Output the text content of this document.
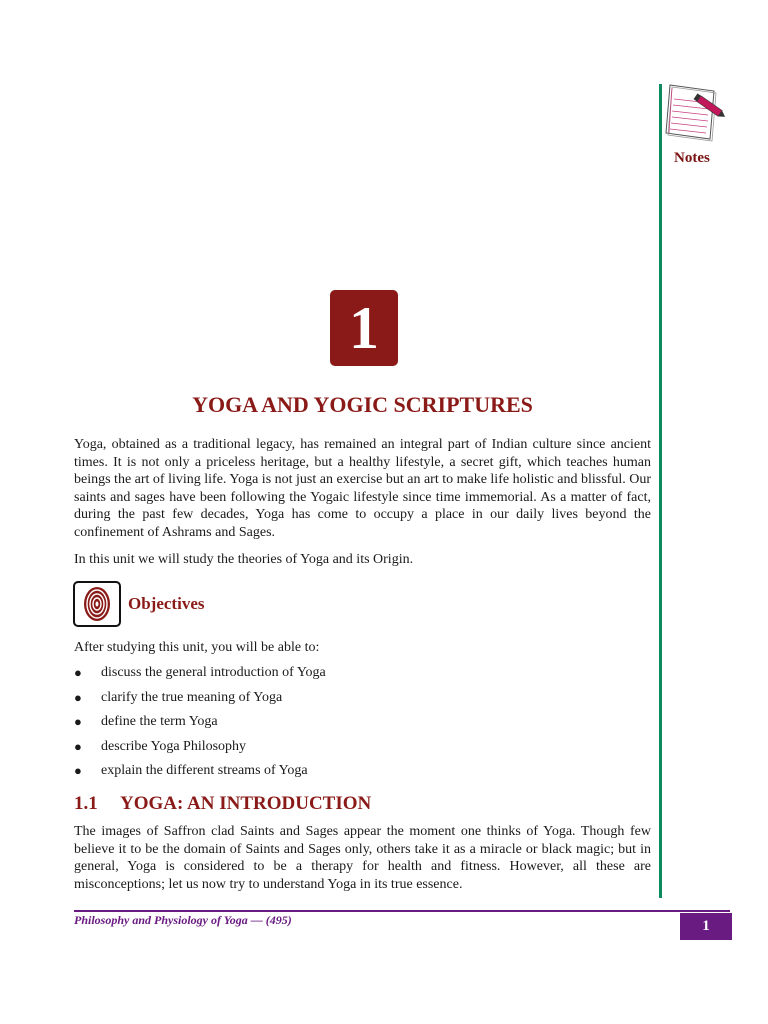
Notes
1
YOGA AND YOGIC SCRIPTURES

Yoga, obtained as a traditional legacy, has remained an integral part of Indian culture since ancient times. It is not only a priceless heritage, but a healthy lifestyle, a secret gift, which teaches human beings the art of living life. Yoga is not just an exercise but an art to make life holistic and blissful. Our saints and sages have been following the Yogaic lifestyle since time immemorial. As a matter of fact, during the past few decades, Yoga has come to occupy a place in our daily lives beyond the confinement of Ashrams and Sages.

In this unit we will study the theories of Yoga and its Origin.

Objectives
After studying this unit, you will be able to:
● discuss the general introduction of Yoga
● clarify the true meaning of Yoga
● define the term Yoga
● describe Yoga Philosophy
● explain the different streams of Yoga
1.1 YOGA: AN INTRODUCTION

The images of Saffron clad Saints and Sages appear the moment one thinks of Yoga. Though few believe it to be the domain of Saints and Sages only, others take it as a miracle or black magic; but in general, Yoga is considered to be a therapy for health and fitness. However, all these are misconceptions; let us now try to understand Yoga in its true essence.

Philosophy and Physiology of Yoga — (495)	1
